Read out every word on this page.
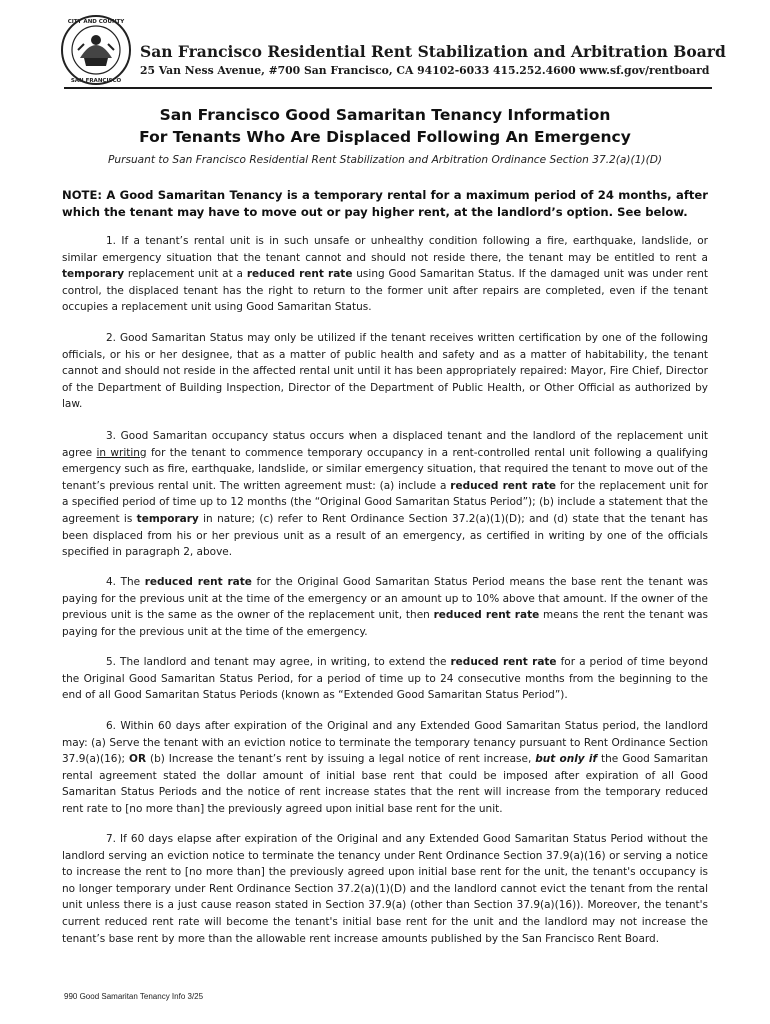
CITY AND COUNTY
SAN FRANCISCO
San Francisco Residential Rent Stabilization and Arbitration Board
25 Van Ness Avenue, #700 San Francisco, CA 94102-6033 415.252.4600 www.sf.gov/rentboard
San Francisco Good Samaritan Tenancy Information
For Tenants Who Are Displaced Following An Emergency
Pursuant to San Francisco Residential Rent Stabilization and Arbitration Ordinance Section 37.2(a)(1)(D)
NOTE: A Good Samaritan Tenancy is a temporary rental for a maximum period of 24 months, after which the tenant may have to move out or pay higher rent, at the landlord’s option. See below.

1. If a tenant’s rental unit is in such unsafe or unhealthy condition following a fire, earthquake, landslide, or similar emergency situation that the tenant cannot and should not reside there, the tenant may be entitled to rent a temporary replacement unit at a reduced rent rate using Good Samaritan Status. If the damaged unit was under rent control, the displaced tenant has the right to return to the former unit after repairs are completed, even if the tenant occupies a replacement unit using Good Samaritan Status.

2. Good Samaritan Status may only be utilized if the tenant receives written certification by one of the following officials, or his or her designee, that as a matter of public health and safety and as a matter of habitability, the tenant cannot and should not reside in the affected rental unit until it has been appropriately repaired: Mayor, Fire Chief, Director of the Department of Building Inspection, Director of the Department of Public Health, or Other Official as authorized by law.

3. Good Samaritan occupancy status occurs when a displaced tenant and the landlord of the replacement unit agree in writing for the tenant to commence temporary occupancy in a rent-controlled rental unit following a qualifying emergency such as fire, earthquake, landslide, or similar emergency situation, that required the tenant to move out of the tenant’s previous rental unit. The written agreement must: (a) include a reduced rent rate for the replacement unit for a specified period of time up to 12 months (the “Original Good Samaritan Status Period”); (b) include a statement that the agreement is temporary in nature; (c) refer to Rent Ordinance Section 37.2(a)(1)(D); and (d) state that the tenant has been displaced from his or her previous unit as a result of an emergency, as certified in writing by one of the officials specified in paragraph 2, above.

4. The reduced rent rate for the Original Good Samaritan Status Period means the base rent the tenant was paying for the previous unit at the time of the emergency or an amount up to 10% above that amount. If the owner of the previous unit is the same as the owner of the replacement unit, then reduced rent rate means the rent the tenant was paying for the previous unit at the time of the emergency.

5. The landlord and tenant may agree, in writing, to extend the reduced rent rate for a period of time beyond the Original Good Samaritan Status Period, for a period of time up to 24 consecutive months from the beginning to the end of all Good Samaritan Status Periods (known as “Extended Good Samaritan Status Period”).

6. Within 60 days after expiration of the Original and any Extended Good Samaritan Status period, the landlord may: (a) Serve the tenant with an eviction notice to terminate the temporary tenancy pursuant to Rent Ordinance Section 37.9(a)(16); OR (b) Increase the tenant’s rent by issuing a legal notice of rent increase, but only if the Good Samaritan rental agreement stated the dollar amount of initial base rent that could be imposed after expiration of all Good Samaritan Status Periods and the notice of rent increase states that the rent will increase from the temporary reduced rent rate to [no more than] the previously agreed upon initial base rent for the unit.

7. If 60 days elapse after expiration of the Original and any Extended Good Samaritan Status Period without the landlord serving an eviction notice to terminate the tenancy under Rent Ordinance Section 37.9(a)(16) or serving a notice to increase the rent to [no more than] the previously agreed upon initial base rent for the unit, the tenant's occupancy is no longer temporary under Rent Ordinance Section 37.2(a)(1)(D) and the landlord cannot evict the tenant from the rental unit unless there is a just cause reason stated in Section 37.9(a) (other than Section 37.9(a)(16)). Moreover, the tenant's current reduced rent rate will become the tenant's initial base rent for the unit and the landlord may not increase the tenant’s base rent by more than the allowable rent increase amounts published by the San Francisco Rent Board.

990 Good Samaritan Tenancy Info 3/25
